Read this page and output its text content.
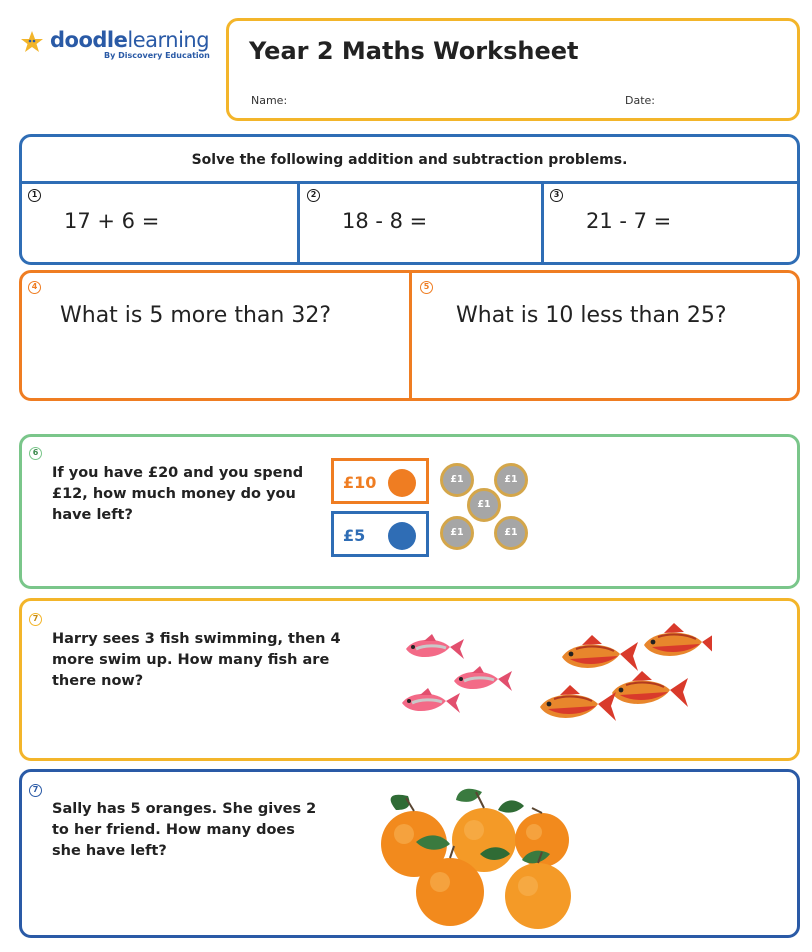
doodlelearning
By Discovery Education Year 2 Maths Worksheet
Name:	Date:
Solve the following addition and subtraction problems.
1
17 + 6 =
2
18 - 8 =
3
21 - 7 =
4
What is 5 more than 32?
5
What is 10 less than 25?
6
If you have £20 and you spend
£12, how much money do you
have left?
£10
£5
£1	£1
£1
£1	£1
7
Harry sees 3 fish swimming, then 4
more swim up. How many fish are
there now?
7
Sally has 5 oranges. She gives 2
to her friend. How many does
she have left?
